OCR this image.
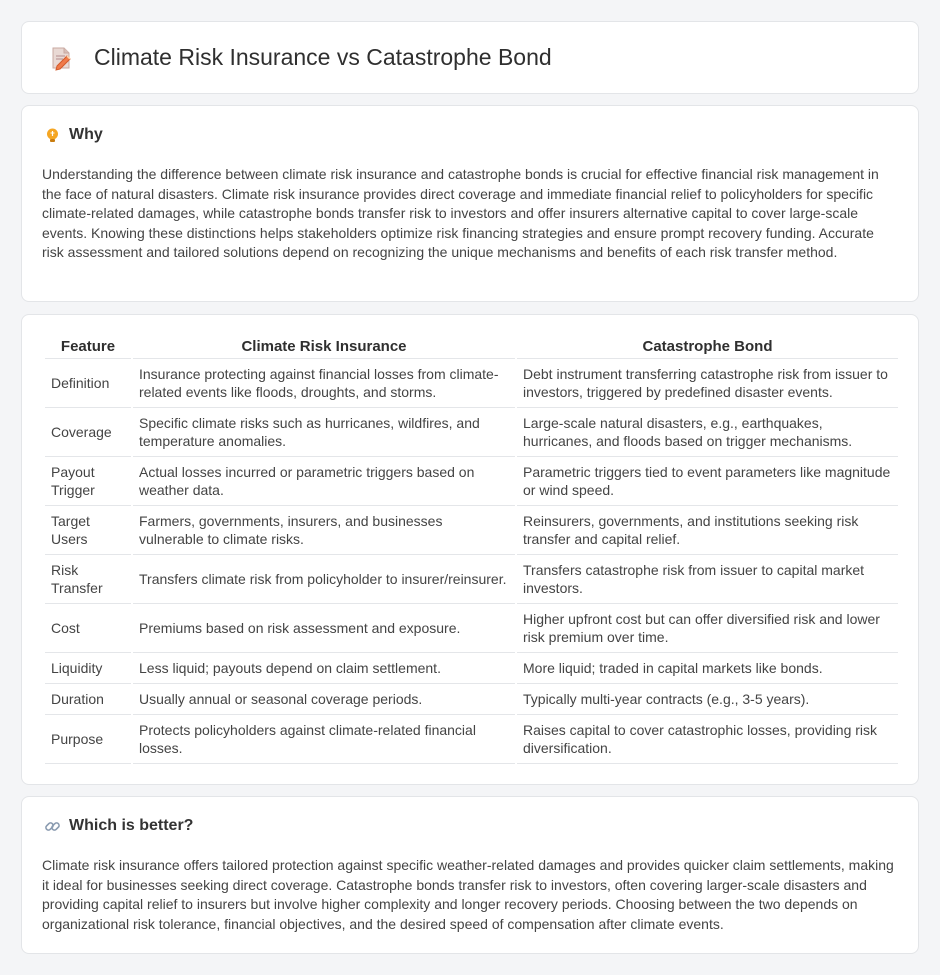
Climate Risk Insurance vs Catastrophe Bond
Why

Understanding the difference between climate risk insurance and catastrophe bonds is crucial for effective financial risk management in the face of natural disasters. Climate risk insurance provides direct coverage and immediate financial relief to policyholders for specific climate-related damages, while catastrophe bonds transfer risk to investors and offer insurers alternative capital to cover large-scale events. Knowing these distinctions helps stakeholders optimize risk financing strategies and ensure prompt recovery funding. Accurate risk assessment and tailored solutions depend on recognizing the unique mechanisms and benefits of each risk transfer method.

Feature	Climate Risk Insurance	Catastrophe Bond
Definition	Insurance protecting against financial losses from climate-related events like floods, droughts, and storms.	Debt instrument transferring catastrophe risk from issuer to investors, triggered by predefined disaster events.
Coverage	Specific climate risks such as hurricanes, wildfires, and temperature anomalies.	Large-scale natural disasters, e.g., earthquakes, hurricanes, and floods based on trigger mechanisms.
Payout Trigger	Actual losses incurred or parametric triggers based on weather data.	Parametric triggers tied to event parameters like magnitude or wind speed.
Target Users	Farmers, governments, insurers, and businesses vulnerable to climate risks.	Reinsurers, governments, and institutions seeking risk transfer and capital relief.
Risk Transfer	Transfers climate risk from policyholder to insurer/reinsurer.	Transfers catastrophe risk from issuer to capital market investors.
Cost	Premiums based on risk assessment and exposure.	Higher upfront cost but can offer diversified risk and lower risk premium over time.
Liquidity	Less liquid; payouts depend on claim settlement.	More liquid; traded in capital markets like bonds.
Duration	Usually annual or seasonal coverage periods.	Typically multi-year contracts (e.g., 3-5 years).
Purpose	Protects policyholders against climate-related financial losses.	Raises capital to cover catastrophic losses, providing risk diversification.
Which is better?

Climate risk insurance offers tailored protection against specific weather-related damages and provides quicker claim settlements, making it ideal for businesses seeking direct coverage. Catastrophe bonds transfer risk to investors, often covering larger-scale disasters and providing capital relief to insurers but involve higher complexity and longer recovery periods. Choosing between the two depends on organizational risk tolerance, financial objectives, and the desired speed of compensation after climate events.
